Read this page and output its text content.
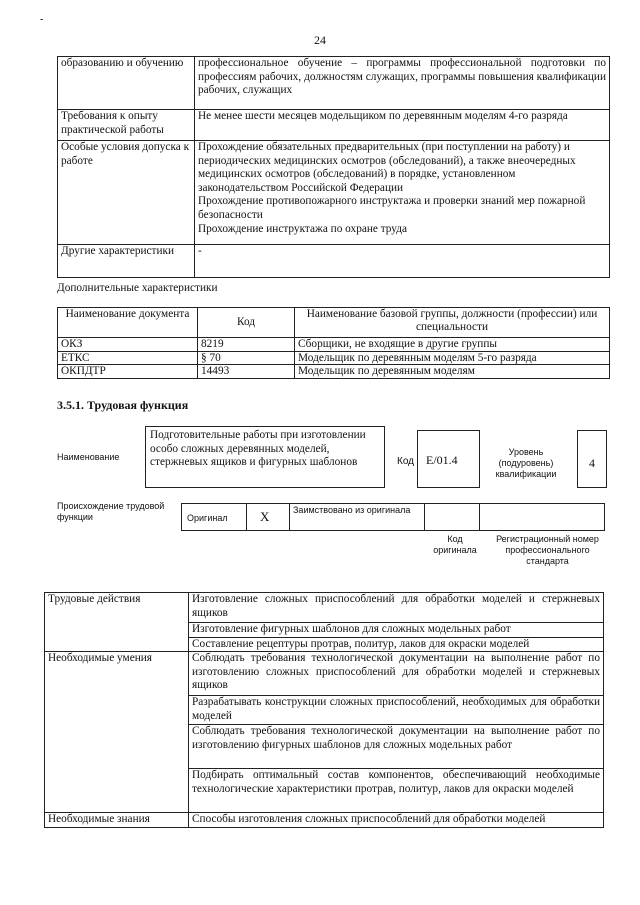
-
24
образованию и обучению	профессиональное обучение – программы профессиональной подготовки по профессиям рабочих, должностям служащих, программы повышения квалификации рабочих, служащих
Требования к опыту практической работы	Не менее шести месяцев модельщиком по деревянным моделям 4-го разряда
Особые условия допуска к работе	Прохождение обязательных предварительных (при поступлении на работу) и периодических медицинских осмотров (обследований), а также внеочередных медицинских осмотров (обследований) в порядке, установленном законодательством Российской Федерации
Прохождение противопожарного инструктажа и проверки знаний мер пожарной безопасности
Прохождение инструктажа по охране труда

Другие характеристики	-
Дополнительные характеристики
Наименование документа	Код	Наименование базовой группы, должности (профессии) или специальности
ОКЗ	8219	Сборщики, не входящие в другие группы
ЕТКС	§ 70	Модельщик по деревянным моделям 5-го разряда
ОКПДТР	14493	Модельщик по деревянным моделям
3.5.1. Трудовая функция
Наименование
Подготовительные работы при изготовлении особо сложных деревянных моделей, стержневых ящиков и фигурных шаблонов	Код E/01.4
Уровень (подуровень) квалификации
4
Происхождение трудовой функции	Оригинал X	Заимствовано из оригинала
Код оригинала
Регистрационный номер профессионального стандарта
Трудовые действия	Изготовление сложных приспособлений для обработки моделей и стержневых ящиков
	Изготовление фигурных шаблонов для сложных модельных работ
	Составление рецептуры протрав, политур, лаков для окраски моделей
Необходимые умения	Соблюдать требования технологической документации на выполнение работ по изготовлению сложных приспособлений для обработки моделей и стержневых ящиков
	Разрабатывать конструкции сложных приспособлений, необходимых для обработки моделей
	Соблюдать требования технологической документации на выполнение работ по изготовлению фигурных шаблонов для сложных модельных работ
	Подбирать оптимальный состав компонентов, обеспечивающий необходимые технологические характеристики протрав, политур, лаков для окраски моделей
Необходимые знания	Способы изготовления сложных приспособлений для обработки моделей
